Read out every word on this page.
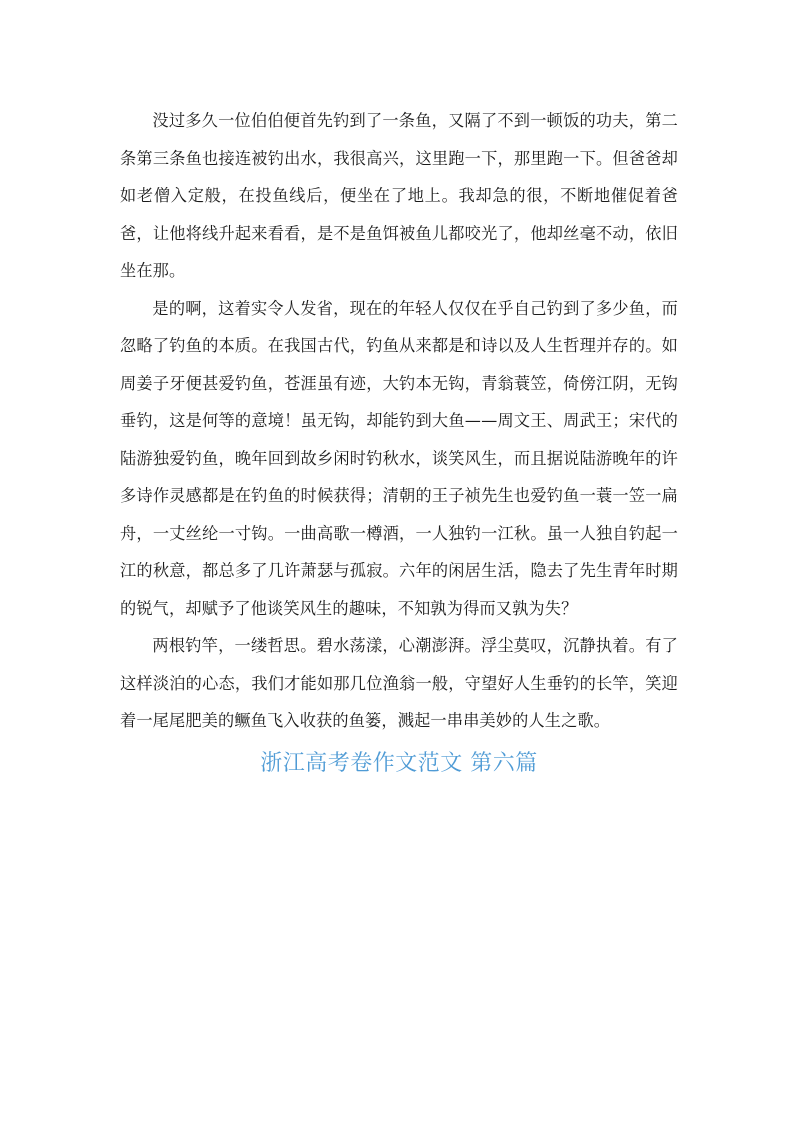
没过多久一位伯伯便首先钓到了一条鱼，又隔了不到一顿饭的功夫，第二条第三条鱼也接连被钓出水，我很高兴，这里跑一下，那里跑一下。但爸爸却如老僧入定般，在投鱼线后，便坐在了地上。我却急的很，不断地催促着爸爸，让他将线升起来看看，是不是鱼饵被鱼儿都咬光了，他却丝毫不动，依旧坐在那。

是的啊，这着实令人发省，现在的年轻人仅仅在乎自己钓到了多少鱼，而忽略了钓鱼的本质。在我国古代，钓鱼从来都是和诗以及人生哲理并存的。如周姜子牙便甚爱钓鱼，苍涯虽有迹，大钓本无钩，青翁蓑笠，倚傍江阴，无钩垂钓，这是何等的意境！虽无钩，却能钓到大鱼——周文王、周武王；宋代的陆游独爱钓鱼，晚年回到故乡闲时钓秋水，谈笑风生，而且据说陆游晚年的许多诗作灵感都是在钓鱼的时候获得；清朝的王子祯先生也爱钓鱼一蓑一笠一扁舟，一丈丝纶一寸钩。一曲高歌一樽酒，一人独钓一江秋。虽一人独自钓起一江的秋意，都总多了几许萧瑟与孤寂。六年的闲居生活，隐去了先生青年时期的锐气，却赋予了他谈笑风生的趣味，不知孰为得而又孰为失？

两根钓竿，一缕哲思。碧水荡漾，心潮澎湃。浮尘莫叹，沉静执着。有了这样淡泊的心态，我们才能如那几位渔翁一般，守望好人生垂钓的长竿，笑迎着一尾尾肥美的鳜鱼飞入收获的鱼篓，溅起一串串美妙的人生之歌。

浙江高考卷作文范文 第六篇
